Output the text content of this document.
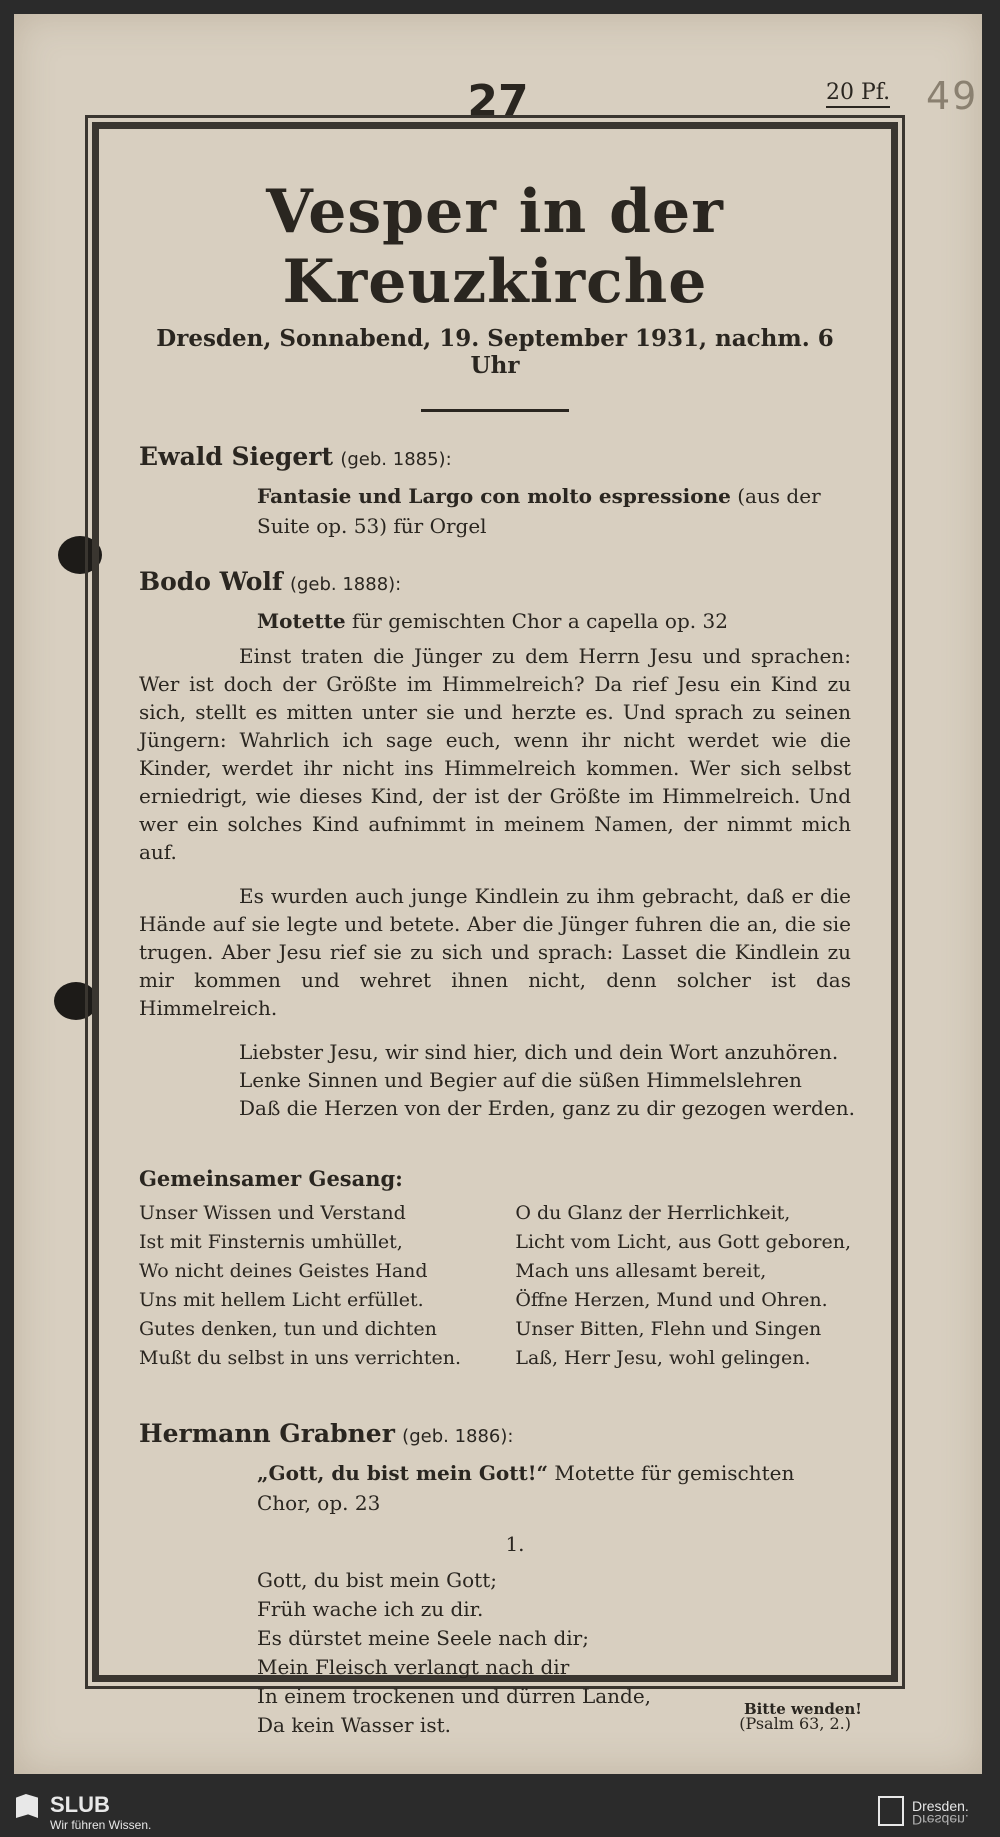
27	20 Pf. 49
Vesper in der Kreuzkirche
Dresden, Sonnabend, 19. September 1931, nachm. 6 Uhr
Ewald Siegert (geb. 1885):
Fantasie und Largo con molto espressione (aus der Suite op. 53) für Orgel
Bodo Wolf (geb. 1888):
Motette für gemischten Chor a capella op. 32

Einst traten die Jünger zu dem Herrn Jesu und sprachen: Wer ist doch der Größte im Himmelreich? Da rief Jesu ein Kind zu sich, stellt es mitten unter sie und herzte es. Und sprach zu seinen Jüngern: Wahrlich ich sage euch, wenn ihr nicht werdet wie die Kinder, werdet ihr nicht ins Himmelreich kommen. Wer sich selbst erniedrigt, wie dieses Kind, der ist der Größte im Himmelreich. Und wer ein solches Kind aufnimmt in meinem Namen, der nimmt mich auf.

Es wurden auch junge Kindlein zu ihm gebracht, daß er die Hände auf sie legte und betete. Aber die Jünger fuhren die an, die sie trugen. Aber Jesu rief sie zu sich und sprach: Lasset die Kindlein zu mir kommen und wehret ihnen nicht, denn solcher ist das Himmelreich.

Liebster Jesu, wir sind hier, dich und dein Wort anzuhören.
Lenke Sinnen und Begier auf die süßen Himmelslehren
Daß die Herzen von der Erden, ganz zu dir gezogen werden.
Gemeinsamer Gesang:
Unser Wissen und Verstand
Ist mit Finsternis umhüllet,
Wo nicht deines Geistes Hand
Uns mit hellem Licht erfüllet.
Gutes denken, tun und dichten
Mußt du selbst in uns verrichten.
O du Glanz der Herrlichkeit,
Licht vom Licht, aus Gott geboren,
Mach uns allesamt bereit,
Öffne Herzen, Mund und Ohren.
Unser Bitten, Flehn und Singen
Laß, Herr Jesu, wohl gelingen.
Hermann Grabner (geb. 1886):
„Gott, du bist mein Gott!“ Motette für gemischten Chor, op. 23
1.
Gott, du bist mein Gott;
Früh wache ich zu dir.
Es dürstet meine Seele nach dir;
Mein Fleisch verlangt nach dir
In einem trockenen und dürren Lande,
Da kein Wasser ist.	(Psalm 63, 2.)
Bitte wenden!
SLUB
Wir führen Wissen.
Dresden.
Dresden.
